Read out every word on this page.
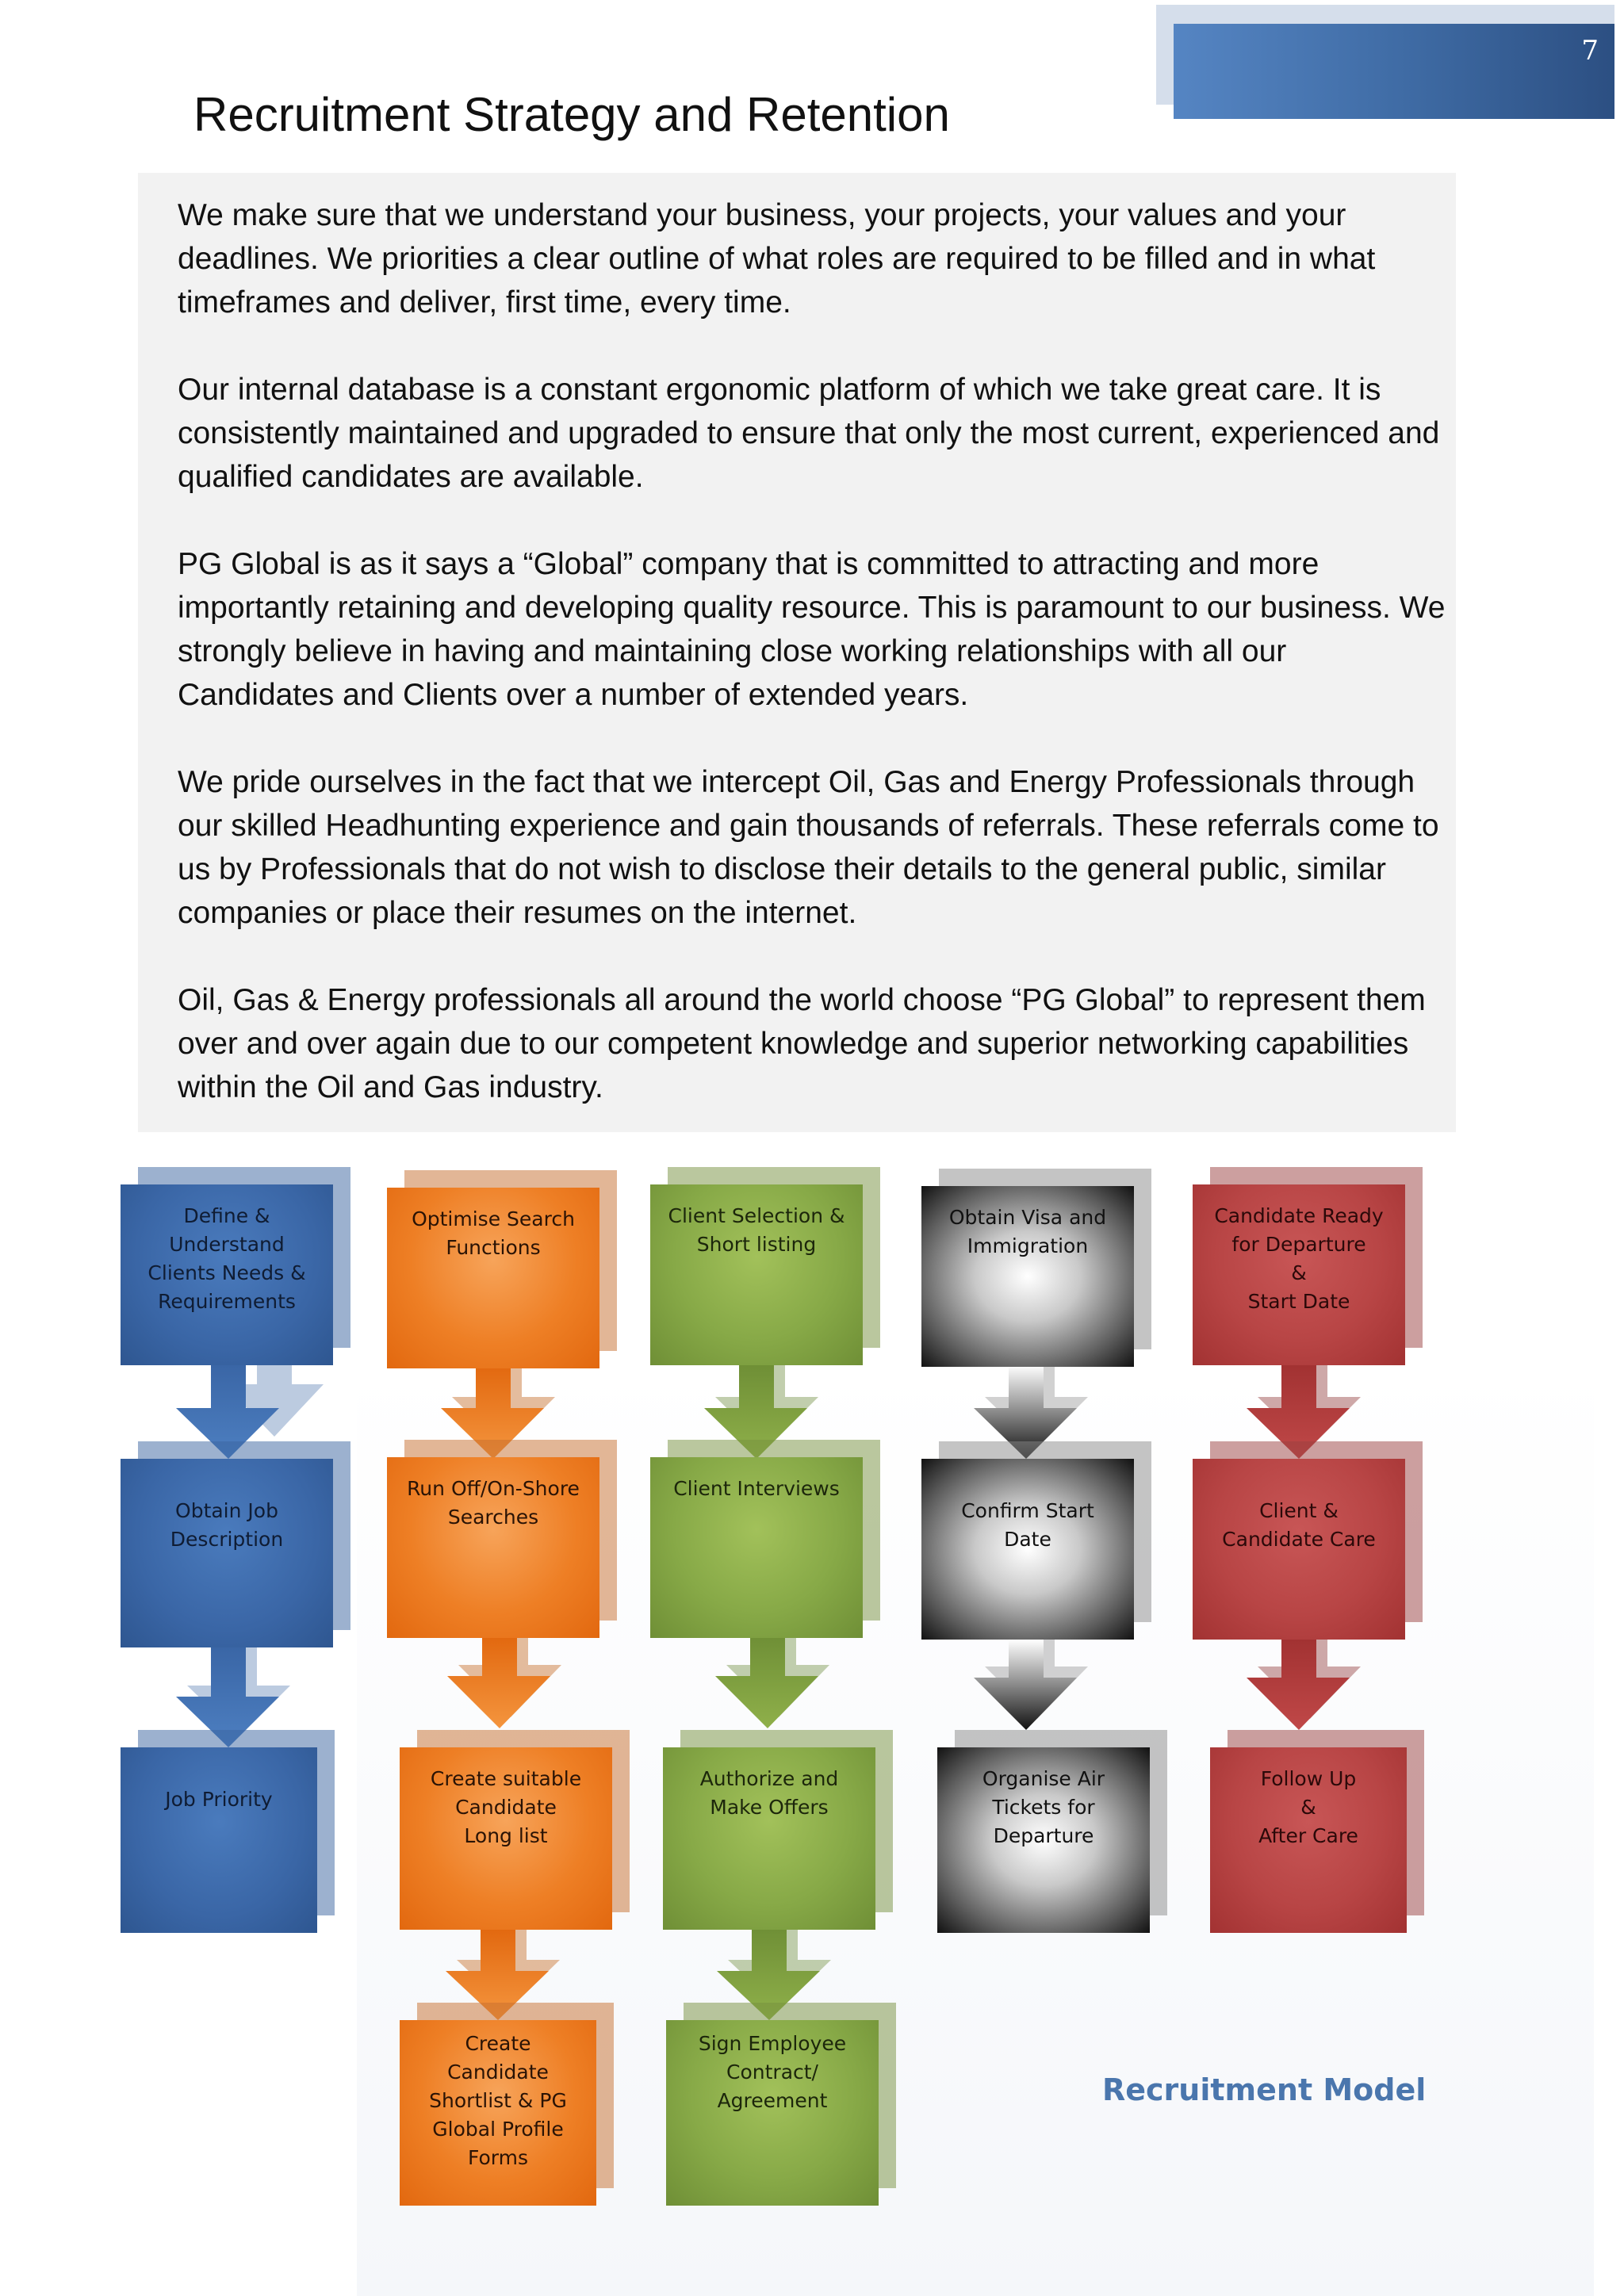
7
Recruitment Strategy and Retention

We make sure that we understand your business, your projects, your values and your deadlines. We priorities a clear outline of what roles are required to be filled and in what timeframes and deliver, first time, every time.

Our internal database is a constant ergonomic platform of which we take great care. It is consistently maintained and upgraded to ensure that only the most current, experienced and qualified candidates are available.

PG Global is as it says a “Global” company that is committed to attracting and more importantly retaining and developing quality resource. This is paramount to our business. We strongly believe in having and maintaining close working relationships with all our Candidates and Clients over a number of extended years.

We pride ourselves in the fact that we intercept Oil, Gas and Energy Professionals through our skilled Headhunting experience and gain thousands of referrals. These referrals come to us by Professionals that do not wish to disclose their details to the general public, similar companies or place their resumes on the internet.

Oil, Gas & Energy professionals all around the world choose “PG Global” to represent them over and over again due to our competent knowledge and superior networking capabilities within the Oil and Gas industry.

Define &
Understand
Clients Needs &
Requirements
Obtain Job
Description
Job Priority
Optimise Search
Functions
Run Off/On-Shore
Searches
Create suitable
Candidate
Long list
Create
Candidate
Shortlist & PG
Global Profile
Forms
Client Selection &
Short listing
Client Interviews
Authorize and
Make Offers
Sign Employee
Contract/
Agreement
Obtain Visa and
Immigration
Confirm Start
Date
Organise Air
Tickets for
Departure
Candidate Ready
for Departure
&
Start Date
Client &
Candidate Care
Follow Up
&
After Care
Recruitment Model
